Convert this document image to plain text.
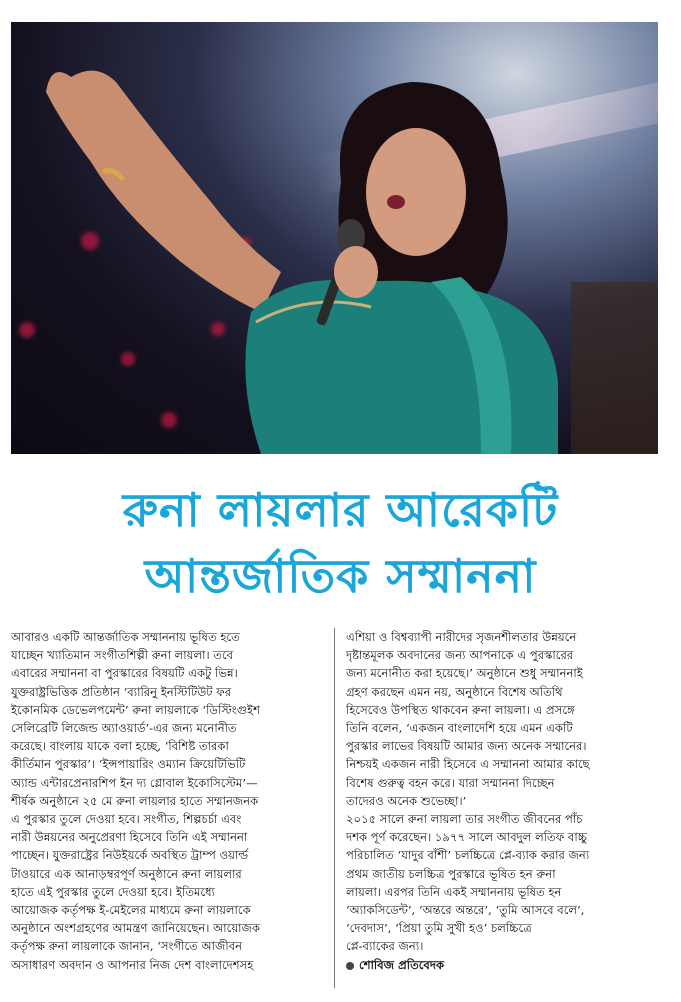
রুনা লায়লার আরেকটি
আন্তর্জাতিক সম্মাননা

আবারও একটি আন্তর্জাতিক সম্মাননায় ভূষিত হতে

যাচ্ছেন খ্যাতিমান সংগীতশিল্পী রুনা লায়লা। তবে

এবারের সম্মাননা বা পুরস্কারের বিষয়টি একটু ভিন্ন।

যুক্তরাষ্ট্রভিত্তিক প্রতিষ্ঠান ‘ব্যারিনু ইনস্টিটিউট ফর

ইকোনমিক ডেভেলপমেন্ট’ রুনা লায়লাকে ‘ডিস্টিংগুইশ

সেলিব্রেটি লিজেন্ড অ্যাওয়ার্ড’-এর জন্য মনোনীত

করেছে। বাংলায় যাকে বলা হচ্ছে, ‘বিশিষ্ট তারকা

কীর্তিমান পুরস্কার’। ‘ইন্সপায়ারিং ওম্যান ক্রিয়েটিভিটি

অ্যান্ড এন্টারপ্রেনারশিপ ইন দ্য গ্লোবাল ইকোসিস্টেম’—

শীর্ষক অনুষ্ঠানে ২৫ মে রুনা লায়লার হাতে সম্মানজনক

এ পুরস্কার তুলে দেওয়া হবে। সংগীত, শিল্পচর্চা এবং

নারী উন্নয়নের অনুপ্রেরণা হিসেবে তিনি এই সম্মাননা

পাচ্ছেন। যুক্তরাষ্ট্রের নিউইয়র্কে অবস্থিত ট্রাম্প ওয়ার্ল্ড

টাওয়ারে এক আনাড়ম্বরপূর্ণ অনুষ্ঠানে রুনা লায়লার

হাতে এই পুরস্কার তুলে দেওয়া হবে। ইতিমধ্যে

আয়োজক কর্তৃপক্ষ ই-মেইলের মাধ্যমে রুনা লায়লাকে

অনুষ্ঠানে অংশগ্রহণের আমন্ত্রণ জানিয়েছেন। আয়োজক

কর্তৃপক্ষ রুনা লায়লাকে জানান, ‘সংগীতে আজীবন

অসাধারণ অবদান ও আপনার নিজ দেশ বাংলাদেশসহ

এশিয়া ও বিশ্বব্যাপী নারীদের সৃজনশীলতার উন্নয়নে

দৃষ্টান্তমূলক অবদানের জন্য আপনাকে এ পুরস্কারের

জন্য মনোনীত করা হয়েছে।’ অনুষ্ঠানে শুধু সম্মাননাই

গ্রহণ করছেন এমন নয়, অনুষ্ঠানে বিশেষ অতিথি

হিসেবেও উপস্থিত থাকবেন রুনা লায়লা। এ প্রসঙ্গে

তিনি বলেন, ‘একজন বাংলাদেশি হয়ে এমন একটি

পুরস্কার লাভের বিষয়টি আমার জন্য অনেক সম্মানের।

নিশ্চয়ই একজন নারী হিসেবে এ সম্মাননা আমার কাছে

বিশেষ গুরুত্ব বহন করে। যারা সম্মাননা দিচ্ছেন

তাদেরও অনেক শুভেচ্ছা।’

২০১৫ সালে রুনা লায়লা তার সংগীত জীবনের পাঁচ

দশক পূর্ণ করেছেন। ১৯৭৭ সালে আবদুল লতিফ বাচ্চু

পরিচালিত ‘যাদুর বাঁশী’ চলচ্চিত্রে প্লে-ব্যাক করার জন্য

প্রথম জাতীয় চলচ্চিত্র পুরস্কারে ভূষিত হন রুনা

লায়লা। এরপর তিনি একই সম্মাননায় ভূষিত হন

‘অ্যাকসিডেন্ট’, ‘অন্তরে অন্তরে’, ‘তুমি আসবে বলে’,

‘দেবদাস’, ‘প্রিয়া তুমি সুখী হও’ চলচ্চিত্রে

প্লে-ব্যাকের জন্য।

শোবিজ প্রতিবেদক
